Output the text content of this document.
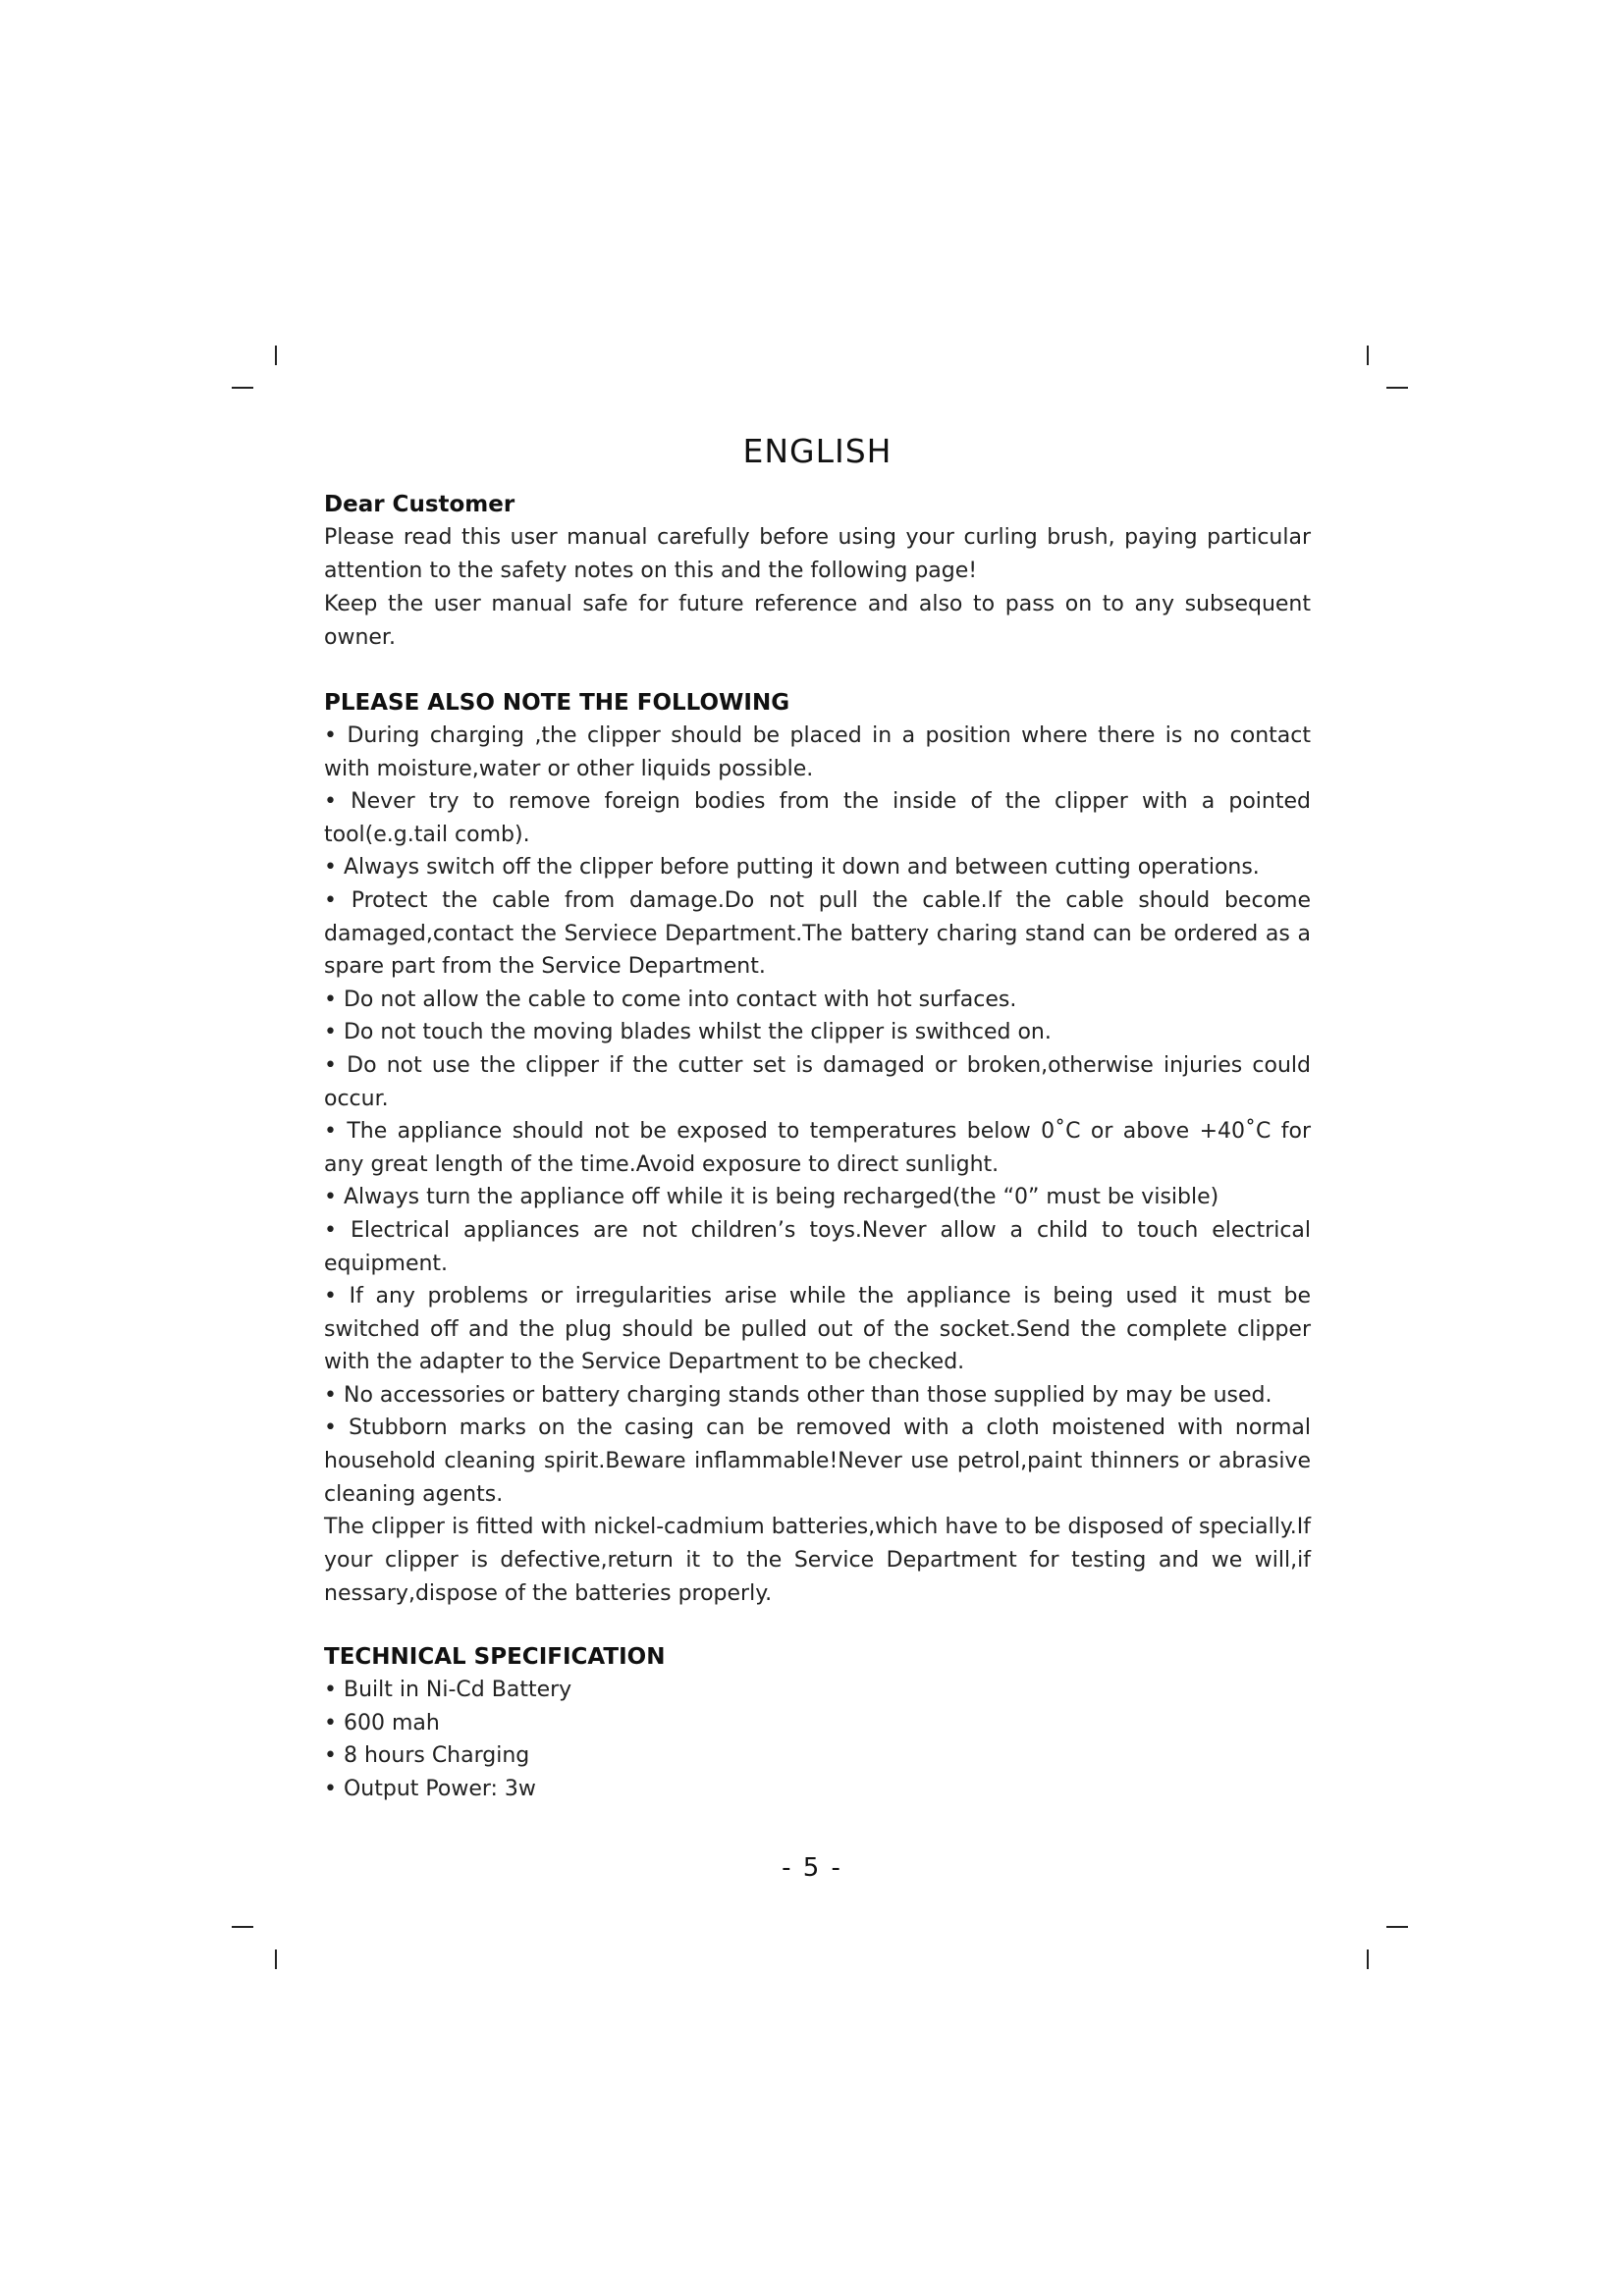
ENGLISH
Dear Customer

Please read this user manual carefully before using your curling brush, paying particular attention to the safety notes on this and the following page!

Keep the user manual safe for future reference and also to pass on to any subsequent owner.

PLEASE ALSO NOTE THE FOLLOWING
• During charging ,the clipper should be placed in a position where there is no contact with moisture,water or other liquids possible.
• Never try to remove foreign bodies from the inside of the clipper with a pointed tool(e.g.tail comb).
• Always switch off the clipper before putting it down and between cutting operations.
• Protect the cable from damage.Do not pull the cable.If the cable should become damaged,contact the Serviece Department.The battery charing stand can be ordered as a spare part from the Service Department.
• Do not allow the cable to come into contact with hot surfaces.
• Do not touch the moving blades whilst the clipper is swithced on.
• Do not use the clipper if the cutter set is damaged or broken,otherwise injuries could occur.
• The appliance should not be exposed to temperatures below 0˚C or above +40˚C for any great length of the time.Avoid exposure to direct sunlight.
• Always turn the appliance off while it is being recharged(the “0” must be visible)
• Electrical appliances are not children’s toys.Never allow a child to touch electrical equipment.
• If any problems or irregularities arise while the appliance is being used it must be switched off and the plug should be pulled out of the socket.Send the complete clipper with the adapter to the Service Department to be checked.
• No accessories or battery charging stands other than those supplied by may be used.
• Stubborn marks on the casing can be removed with a cloth moistened with normal household cleaning spirit.Beware inflammable!Never use petrol,paint thinners or abrasive cleaning agents.

The clipper is fitted with nickel-cadmium batteries,which have to be disposed of specially.If your clipper is defective,return it to the Service Department for testing and we will,if nessary,dispose of the batteries properly.

TECHNICAL SPECIFICATION
• Built in Ni-Cd Battery
• 600 mah
• 8 hours Charging
• Output Power: 3w
- 5 -
